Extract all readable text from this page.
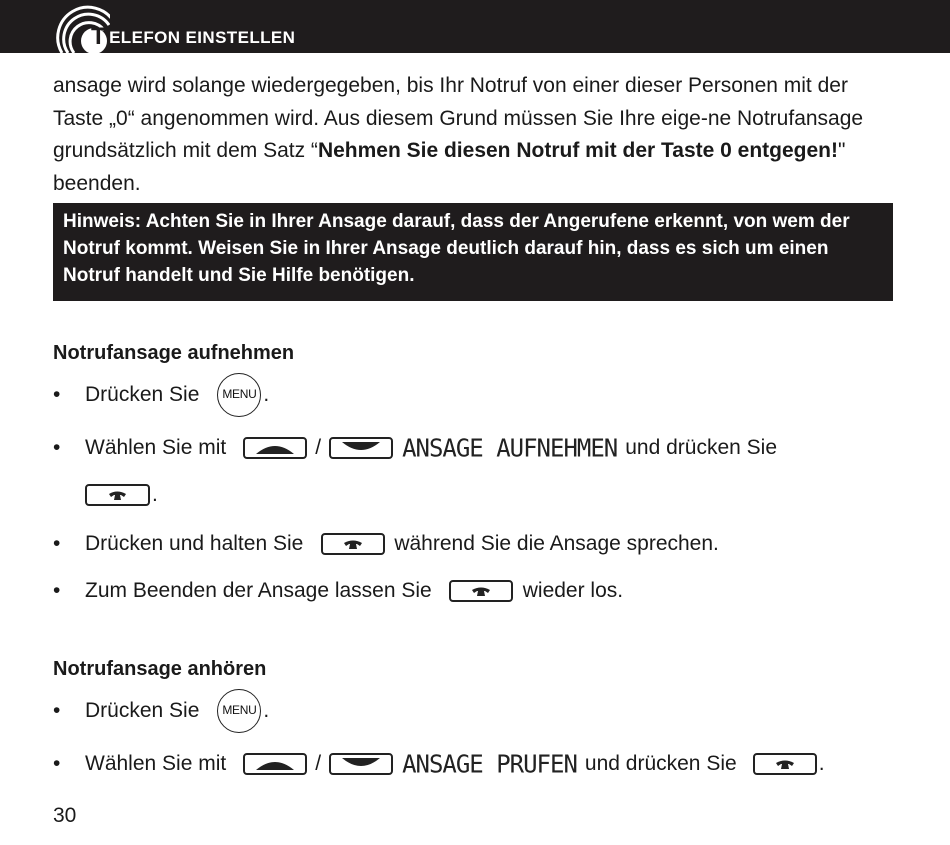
T ELEFON EINSTELLEN

ansage wird solange wiedergegeben, bis Ihr Notruf von einer dieser Personen mit der Taste „0“ angenommen wird. Aus diesem Grund müssen Sie Ihre eige-ne Notrufansage grundsätzlich mit dem Satz “Nehmen Sie diesen Notruf mit der Taste 0 entgegen!" beenden.

Hinweis: Achten Sie in Ihrer Ansage darauf, dass der Angerufene erkennt, von wem der Notruf kommt. Weisen Sie in Ihrer Ansage deutlich darauf hin, dass es sich um einen Notruf handelt und Sie Hilfe benötigen.
Notrufansage aufnehmen
•	Drücken Sie	MENU .
•	Wählen Sie mit	/	ANSAGE AUFNEHMEN und drücken Sie
.
•	Drücken und halten Sie	während Sie die Ansage sprechen.
•	Zum Beenden der Ansage lassen Sie	wieder los.
Notrufansage anhören
•	Drücken Sie	MENU .
•	Wählen Sie mit	/	ANSAGE PRUFEN und drücken Sie	.
30
